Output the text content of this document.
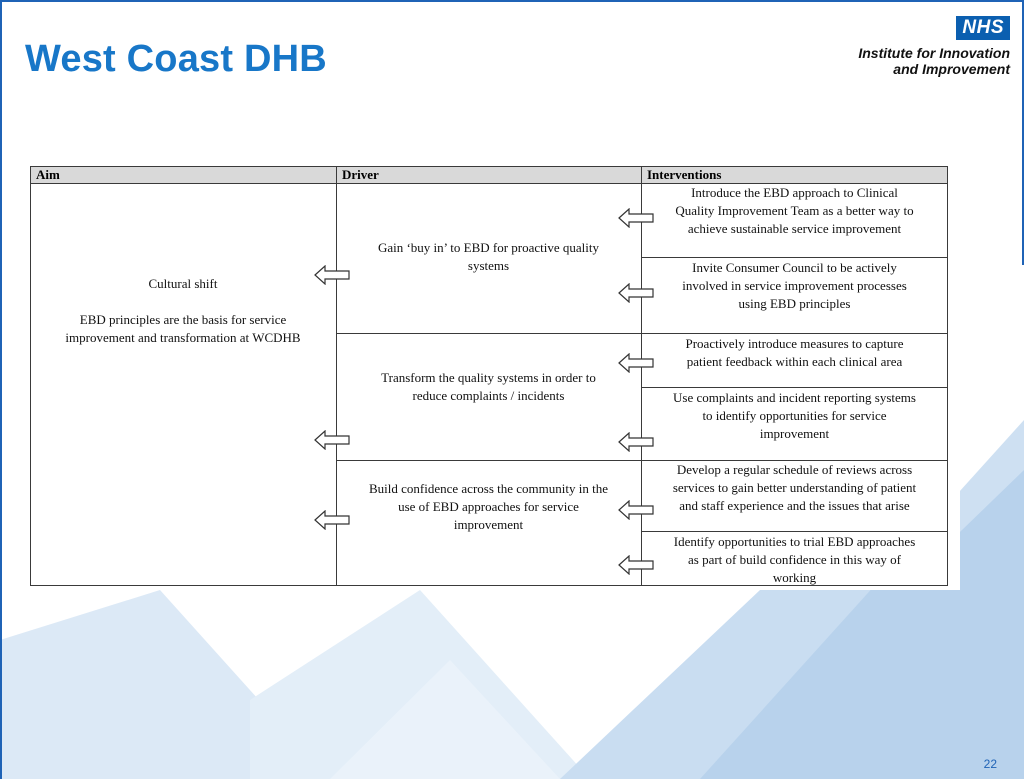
West Coast DHB
NHS
Institute for Innovation
and Improvement
Aim	Driver	Interventions
Cultural shift
EBD principles are the basis for service
improvement and transformation at WCDHB
Gain ‘buy in’ to EBD for proactive quality
systems
Transform the quality systems in order to
reduce complaints / incidents
Build confidence across the community in the
use of EBD approaches for service
improvement
Introduce the EBD approach to Clinical
Quality Improvement Team as a better way to
achieve sustainable service improvement
Invite Consumer Council to be actively
involved in service improvement processes
using EBD principles
Proactively introduce measures to capture
patient feedback within each clinical area
Use complaints and incident reporting systems
to identify opportunities for service
improvement
Develop a regular schedule of reviews across
services to gain better understanding of patient
and staff experience and the issues that arise
Identify opportunities to trial EBD approaches
as part of build confidence in this way of
working
22
